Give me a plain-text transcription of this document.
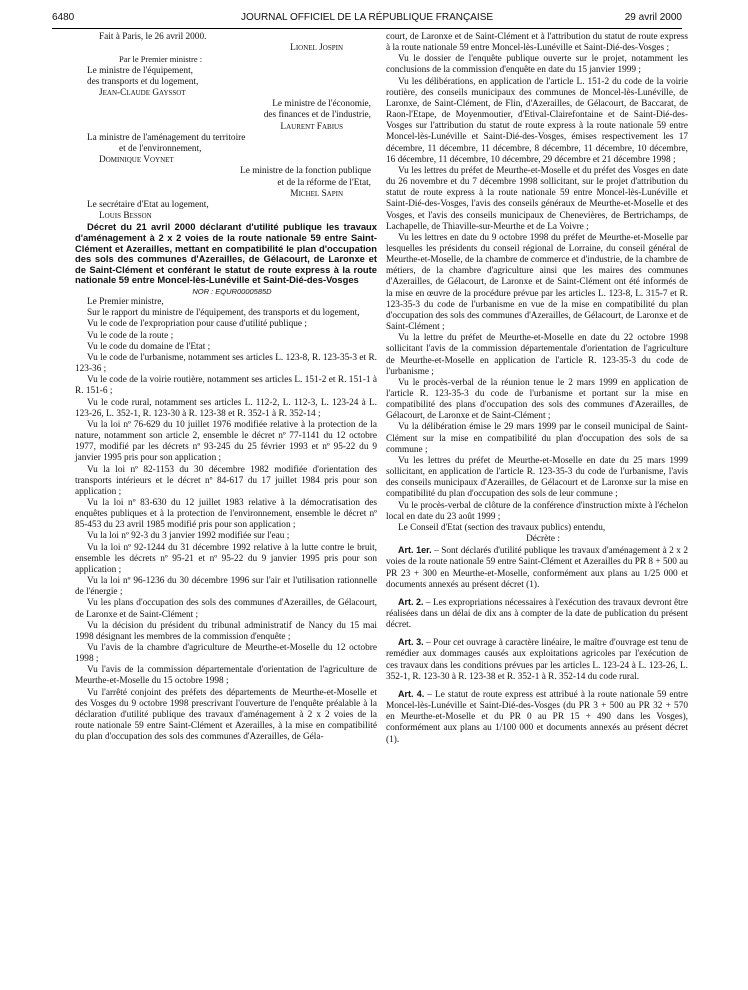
6480	JOURNAL OFFICIEL DE LA RÉPUBLIQUE FRANÇAISE	29 avril 2000

Fait à Paris, le 26 avril 2000.

Lionel Jospin

Par le Premier ministre :

Le ministre de l'équipement,

des transports et du logement,

Jean-Claude Gayssot

Le ministre de l'économie,

des finances et de l'industrie,

Laurent Fabius

La ministre de l'aménagement du territoire

et de l'environnement,

Dominique Voynet

Le ministre de la fonction publique

et de la réforme de l'Etat,

Michel Sapin

Le secrétaire d'Etat au logement,

Louis Besson

Décret du 21 avril 2000 déclarant d'utilité publique les travaux d'aménagement à 2 x 2 voies de la route nationale 59 entre Saint-Clément et Azerailles, mettant en compatibilité le plan d'occupation des sols des communes d'Azerailles, de Gélacourt, de Laronxe et de Saint-Clément et conférant le statut de route express à la route nationale 59 entre Moncel-lès-Lunéville et Saint-Dié-des-Vosges

NOR : EQUR0000585D

Le Premier ministre,

Sur le rapport du ministre de l'équipement, des transports et du logement,

Vu le code de l'expropriation pour cause d'utilité publique ;

Vu le code de la route ;

Vu le code du domaine de l'Etat ;

Vu le code de l'urbanisme, notamment ses articles L. 123-8, R. 123-35-3 et R. 123-36 ;

Vu le code de la voirie routière, notamment ses articles L. 151-2 et R. 151-1 à R. 151-6 ;

Vu le code rural, notamment ses articles L. 112-2, L. 112-3, L. 123-24 à L. 123-26, L. 352-1, R. 123-30 à R. 123-38 et R. 352-1 à R. 352-14 ;

Vu la loi nº 76-629 du 10 juillet 1976 modifiée relative à la protection de la nature, notamment son article 2, ensemble le décret nº 77-1141 du 12 octobre 1977, modifié par les décrets nº 93-245 du 25 février 1993 et nº 95-22 du 9 janvier 1995 pris pour son application ;

Vu la loi nº 82-1153 du 30 décembre 1982 modifiée d'orientation des transports intérieurs et le décret nº 84-617 du 17 juillet 1984 pris pour son application ;

Vu la loi nº 83-630 du 12 juillet 1983 relative à la démocratisation des enquêtes publiques et à la protection de l'environnement, ensemble le décret nº 85-453 du 23 avril 1985 modifié pris pour son application ;

Vu la loi nº 92-3 du 3 janvier 1992 modifiée sur l'eau ;

Vu la loi nº 92-1244 du 31 décembre 1992 relative à la lutte contre le bruit, ensemble les décrets nº 95-21 et nº 95-22 du 9 janvier 1995 pris pour son application ;

Vu la loi nº 96-1236 du 30 décembre 1996 sur l'air et l'utilisation rationnelle de l'énergie ;

Vu les plans d'occupation des sols des communes d'Azerailles, de Gélacourt, de Laronxe et de Saint-Clément ;

Vu la décision du président du tribunal administratif de Nancy du 15 mai 1998 désignant les membres de la commission d'enquête ;

Vu l'avis de la chambre d'agriculture de Meurthe-et-Moselle du 12 octobre 1998 ;

Vu l'avis de la commission départementale d'orientation de l'agriculture de Meurthe-et-Moselle du 15 octobre 1998 ;

Vu l'arrêté conjoint des préfets des départements de Meurthe-et-Moselle et des Vosges du 9 octobre 1998 prescrivant l'ouverture de l'enquête préalable à la déclaration d'utilité publique des travaux d'aménagement à 2 x 2 voies de la route nationale 59 entre Saint-Clément et Azerailles, à la mise en compatibilité du plan d'occupation des sols des communes d'Azerailles, de Géla-

court, de Laronxe et de Saint-Clément et à l'attribution du statut de route express à la route nationale 59 entre Moncel-lès-Lunéville et Saint-Dié-des-Vosges ;

Vu le dossier de l'enquête publique ouverte sur le projet, notamment les conclusions de la commission d'enquête en date du 15 janvier 1999 ;

Vu les délibérations, en application de l'article L. 151-2 du code de la voirie routière, des conseils municipaux des communes de Moncel-lès-Lunéville, de Laronxe, de Saint-Clément, de Flin, d'Azerailles, de Gélacourt, de Baccarat, de Raon-l'Etape, de Moyenmoutier, d'Etival-Clairefontaine et de Saint-Dié-des-Vosges sur l'attribution du statut de route express à la route nationale 59 entre Moncel-lès-Lunéville et Saint-Dié-des-Vosges, émises respectivement les 17 décembre, 11 décembre, 11 décembre, 8 décembre, 11 décembre, 10 décembre, 16 décembre, 11 décembre, 10 décembre, 29 décembre et 21 décembre 1998 ;

Vu les lettres du préfet de Meurthe-et-Moselle et du préfet des Vosges en date du 26 novembre et du 7 décembre 1998 sollicitant, sur le projet d'attribution du statut de route express à la route nationale 59 entre Moncel-lès-Lunéville et Saint-Dié-des-Vosges, l'avis des conseils généraux de Meurthe-et-Moselle et des Vosges, et l'avis des conseils municipaux de Chenevières, de Bertrichamps, de Lachapelle, de Thiaville-sur-Meurthe et de La Voivre ;

Vu les lettres en date du 9 octobre 1998 du préfet de Meurthe-et-Moselle par lesquelles les présidents du conseil régional de Lorraine, du conseil général de Meurthe-et-Moselle, de la chambre de commerce et d'industrie, de la chambre de métiers, de la chambre d'agriculture ainsi que les maires des communes d'Azerailles, de Gélacourt, de Laronxe et de Saint-Clément ont été informés de la mise en œuvre de la procédure prévue par les articles L. 123-8, L. 315-7 et R. 123-35-3 du code de l'urbanisme en vue de la mise en compatibilité du plan d'occupation des sols des communes d'Azerailles, de Gélacourt, de Laronxe et de Saint-Clément ;

Vu la lettre du préfet de Meurthe-et-Moselle en date du 22 octobre 1998 sollicitant l'avis de la commission départementale d'orientation de l'agriculture de Meurthe-et-Moselle en application de l'article R. 123-35-3 du code de l'urbanisme ;

Vu le procès-verbal de la réunion tenue le 2 mars 1999 en application de l'article R. 123-35-3 du code de l'urbanisme et portant sur la mise en compatibilité des plans d'occupation des sols des communes d'Azerailles, de Gélacourt, de Laronxe et de Saint-Clément ;

Vu la délibération émise le 29 mars 1999 par le conseil municipal de Saint-Clément sur la mise en compatibilité du plan d'occupation des sols de sa commune ;

Vu les lettres du préfet de Meurthe-et-Moselle en date du 25 mars 1999 sollicitant, en application de l'article R. 123-35-3 du code de l'urbanisme, l'avis des conseils municipaux d'Azerailles, de Gélacourt et de Laronxe sur la mise en compatibilité du plan d'occupation des sols de leur commune ;

Vu le procès-verbal de clôture de la conférence d'instruction mixte à l'échelon local en date du 23 août 1999 ;

Le Conseil d'Etat (section des travaux publics) entendu,

Décrète :

Art. 1er. – Sont déclarés d'utilité publique les travaux d'aménagement à 2 x 2 voies de la route nationale 59 entre Saint-Clément et Azerailles du PR 8 + 500 au PR 23 + 300 en Meurthe-et-Moselle, conformément aux plans au 1/25 000 et documents annexés au présent décret (1).

Art. 2. – Les expropriations nécessaires à l'exécution des travaux devront être réalisées dans un délai de dix ans à compter de la date de publication du présent décret.

Art. 3. – Pour cet ouvrage à caractère linéaire, le maître d'ouvrage est tenu de remédier aux dommages causés aux exploitations agricoles par l'exécution de ces travaux dans les conditions prévues par les articles L. 123-24 à L. 123-26, L. 352-1, R. 123-30 à R. 123-38 et R. 352-1 à R. 352-14 du code rural.

Art. 4. – Le statut de route express est attribué à la route nationale 59 entre Moncel-lès-Lunéville et Saint-Dié-des-Vosges (du PR 3 + 500 au PR 32 + 570 en Meurthe-et-Moselle et du PR 0 au PR 15 + 490 dans les Vosges), conformément aux plans au 1/100 000 et documents annexés au présent décret (1).
